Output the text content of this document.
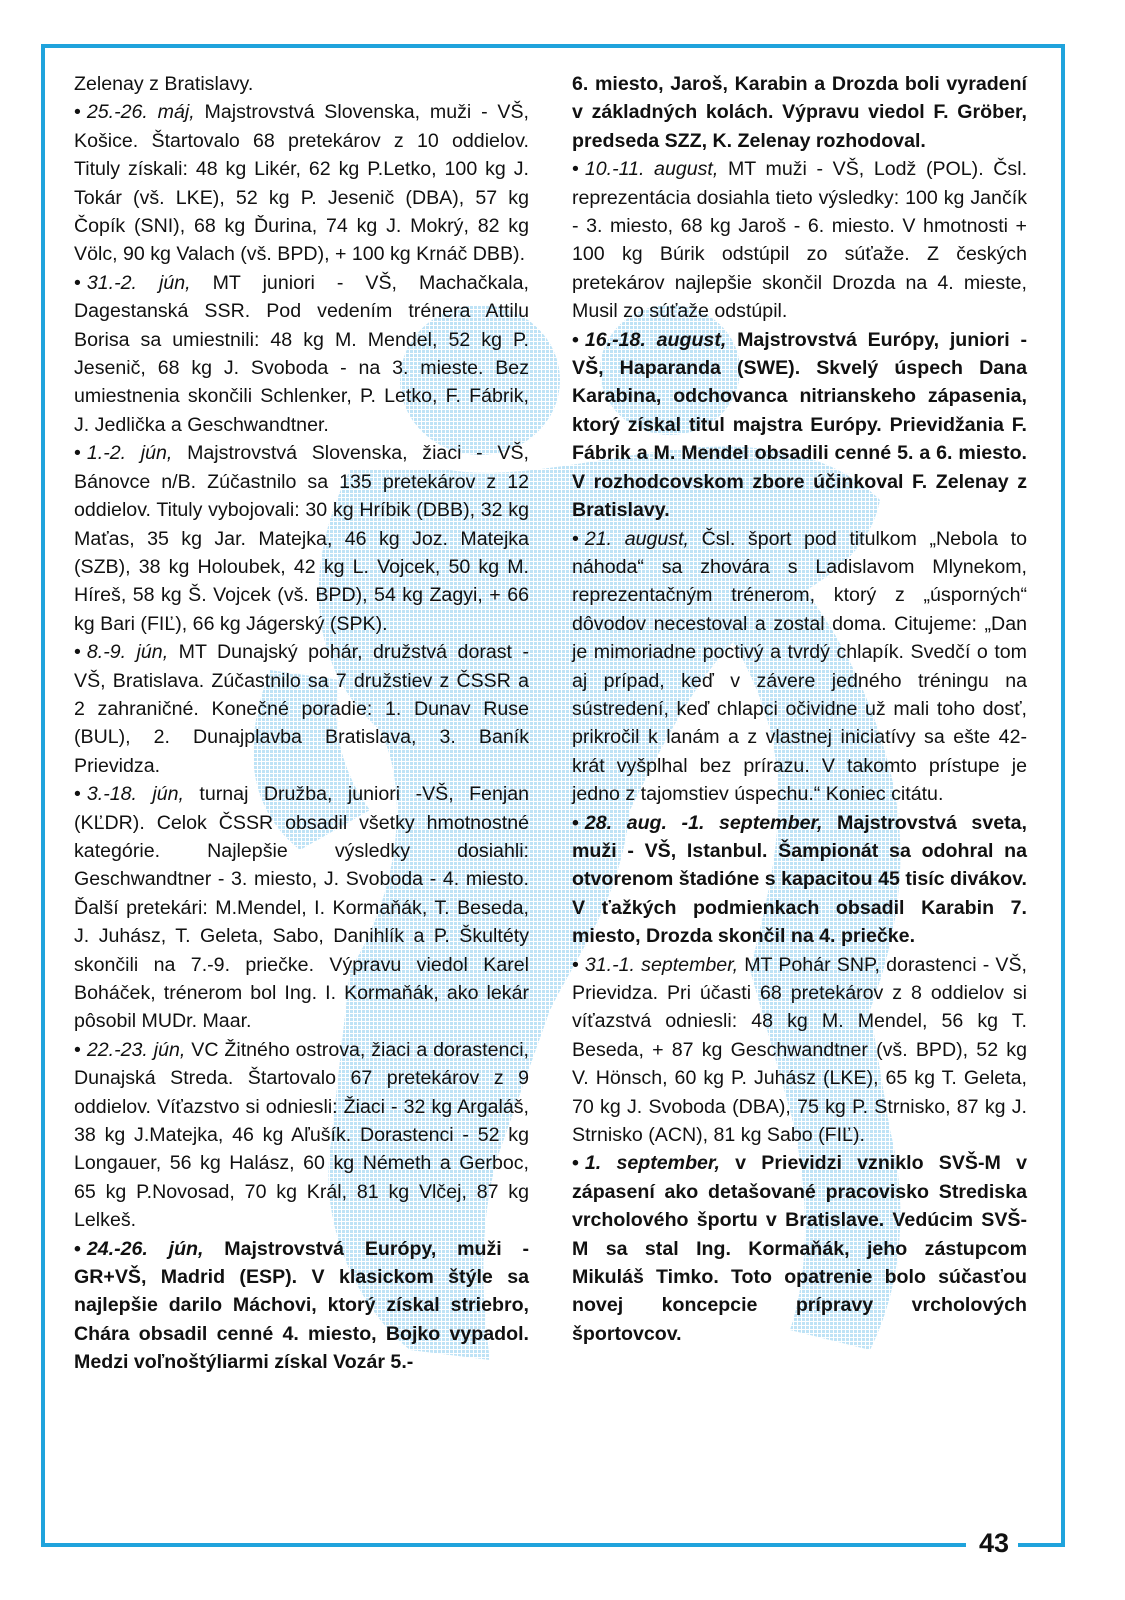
43

Zelenay z Bratislavy.

• 25.-26. máj, Majstrovstvá Slovenska, muži - VŠ, Košice. Štartovalo 68 pretekárov z 10 oddielov. Tituly získali: 48 kg Likér, 62 kg P.Letko, 100 kg J. Tokár (vš. LKE), 52 kg P. Jesenič (DBA), 57 kg Čopík (SNI), 68 kg Ďurina, 74 kg J. Mokrý, 82 kg Völc, 90 kg Valach (vš. BPD), + 100 kg Krnáč DBB).

• 31.-2. jún, MT juniori - VŠ, Machačkala, Dagestanská SSR. Pod vedením trénera Attilu Borisa sa umiestnili: 48 kg M. Mendel, 52 kg P. Jesenič, 68 kg J. Svoboda - na 3. mieste. Bez umiestnenia skončili Schlenker, P. Letko, F. Fábrik, J. Jedlička a Geschwandtner.

• 1.-2. jún, Majstrovstvá Slovenska, žiaci - VŠ, Bánovce n/B. Zúčastnilo sa 135 pretekárov z 12 oddielov. Tituly vybojovali: 30 kg Hríbik (DBB), 32 kg Maťas, 35 kg Jar. Matejka, 46 kg Joz. Matejka (SZB), 38 kg Holoubek, 42 kg L. Vojcek, 50 kg M. Híreš, 58 kg Š. Vojcek (vš. BPD), 54 kg Zagyi, + 66 kg Bari (FIĽ), 66 kg Jágerský (SPK).

• 8.-9. jún, MT Dunajský pohár, družstvá dorast - VŠ, Bratislava. Zúčastnilo sa 7 družstiev z ČSSR a 2 zahraničné. Konečné poradie: 1. Dunav Ruse (BUL), 2. Dunajplavba Bratislava, 3. Baník Prievidza.

• 3.-18. jún, turnaj Družba, juniori -VŠ, Fenjan (KĽDR). Celok ČSSR obsadil všetky hmotnostné kategórie. Najlepšie výsledky dosiahli: Geschwandtner - 3. miesto, J. Svoboda - 4. miesto. Ďalší pretekári: M.Mendel, I. Kormaňák, T. Beseda, J. Juhász, T. Geleta, Sabo, Danihlík a P. Škultéty skončili na 7.-9. priečke. Výpravu viedol Karel Boháček, trénerom bol Ing. I. Kormaňák, ako lekár pôsobil MUDr. Maar.

• 22.-23. jún, VC Žitného ostrova, žiaci a dorastenci, Dunajská Streda. Štartovalo 67 pretekárov z 9 oddielov. Víťazstvo si odniesli: Žiaci - 32 kg Argaláš, 38 kg J.Matejka, 46 kg Aľušík. Dorastenci - 52 kg Longauer, 56 kg Halász, 60 kg Németh a Gerboc, 65 kg P.Novosad, 70 kg Král, 81 kg Vlčej, 87 kg Lelkeš.

• 24.-26. jún, Majstrovstvá Európy, muži - GR+VŠ, Madrid (ESP). V klasickom štýle sa najlepšie darilo Máchovi, ktorý získal striebro, Chára obsadil cenné 4. miesto, Bojko vypadol. Medzi voľnoštýliarmi získal Vozár 5.-

6. miesto, Jaroš, Karabin a Drozda boli vyradení v základných kolách. Výpravu viedol F. Gröber, predseda SZZ, K. Zelenay rozhodoval.

• 10.-11. august, MT muži - VŠ, Lodž (POL). Čsl. reprezentácia dosiahla tieto výsledky: 100 kg Jančík - 3. miesto, 68 kg Jaroš - 6. miesto. V hmotnosti + 100 kg Búrik odstúpil zo súťaže. Z českých pretekárov najlepšie skončil Drozda na 4. mieste, Musil zo súťaže odstúpil.

• 16.-18. august, Majstrovstvá Európy, juniori - VŠ, Haparanda (SWE). Skvelý úspech Dana Karabina, odchovanca nitrianskeho zápasenia, ktorý získal titul majstra Európy. Prievidžania F. Fábrik a M. Mendel obsadili cenné 5. a 6. miesto. V rozhodcovskom zbore účinkoval F. Zelenay z Bratislavy.

• 21. august, Čsl. šport pod titulkom „Nebola to náhoda“ sa zhovára s Ladislavom Mlynekom, reprezentačným trénerom, ktorý z „úsporných“ dôvodov necestoval a zostal doma. Citujeme: „Dan je mimoriadne poctivý a tvrdý chlapík. Svedčí o tom aj prípad, keď v závere jedného tréningu na sústredení, keď chlapci očividne už mali toho dosť, prikročil k lanám a z vlastnej iniciatívy sa ešte 42-krát vyšplhal bez prírazu. V takomto prístupe je jedno z tajomstiev úspechu.“ Koniec citátu.

• 28. aug. -1. september, Majstrovstvá sveta, muži - VŠ, Istanbul. Šampionát sa odohral na otvorenom štadióne s kapacitou 45 tisíc divákov. V ťažkých podmienkach obsadil Karabin 7. miesto, Drozda skončil na 4. priečke.

• 31.-1. september, MT Pohár SNP, dorastenci - VŠ, Prievidza. Pri účasti 68 pretekárov z 8 oddielov si víťazstvá odniesli: 48 kg M. Mendel, 56 kg T. Beseda, + 87 kg Geschwandtner (vš. BPD), 52 kg V. Hönsch, 60 kg P. Juhász (LKE), 65 kg T. Geleta, 70 kg J. Svoboda (DBA), 75 kg P. Strnisko, 87 kg J. Strnisko (ACN), 81 kg Sabo (FIĽ).

• 1. september, v Prievidzi vzniklo SVŠ-M v zápasení ako detašované pracovisko Strediska vrcholového športu v Bratislave. Vedúcim SVŠ-M sa stal Ing. Kormaňák, jeho zástupcom Mikuláš Timko. Toto opatrenie bolo súčasťou novej koncepcie prípravy vrcholových športovcov.
